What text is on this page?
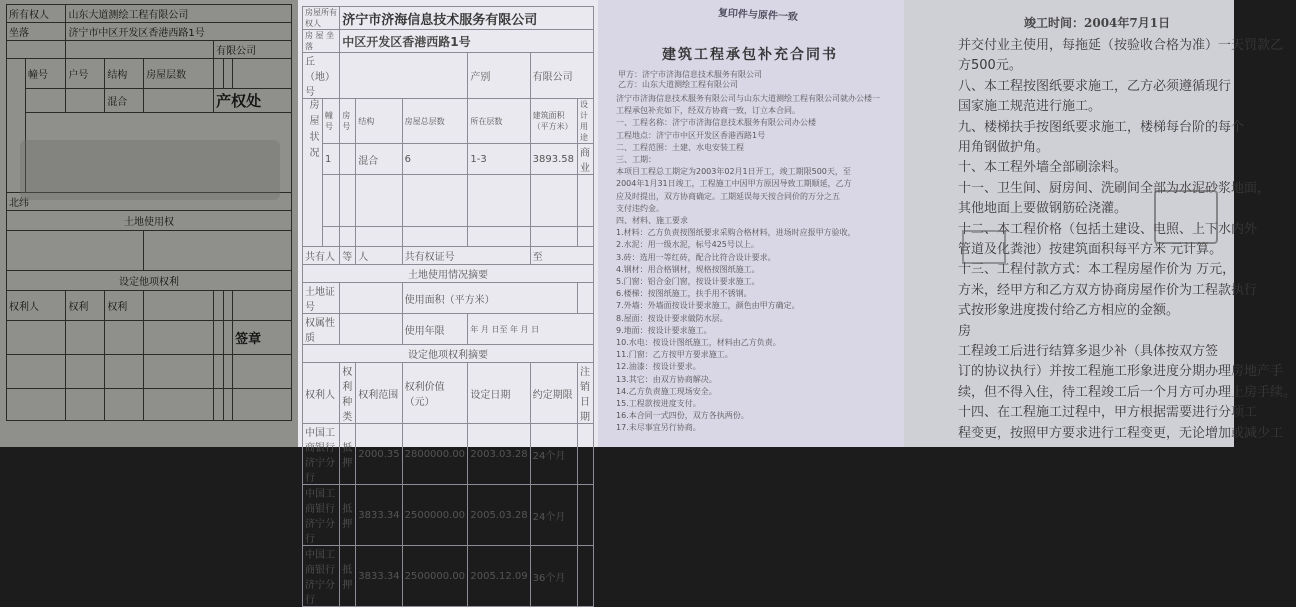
所有权人		山东大道测绘工程有限公司					
坐落		济宁市中区开发区香港西路1号					
					有限公司		
	幢号	户号	结构	房屋层数			
			混合		产权处		

北纬							
土地使用权							

设定他项权利							
权利人		权利	权利				
							签章

房屋所有权人		济宁市济海信息技术服务有限公司					
房 屋 坐 落		中区开发区香港西路1号					
丘（地）号					产别	有限公司	
房屋状况	幢号	房号	结构	房屋总层数	所在层数	建筑面积（平方米）	设计用途
	1		混合	6	1-3	3893.58	商业

共有人		等	人	共有权证号		至	
土地使用情况摘要							
土地证号				使用面积（平方米）			
权属性质				使用年限	年 月 日至 年 月 日		
设定他项权利摘要							
权利人		权利种类	权利范围	权利价值（元）	设定日期	约定期限	注销日期
中国工商银行济宁分行		抵押	2000.35	2800000.00	2003.03.28	24个月	
中国工商银行济宁分行		抵押	3833.34	2500000.00	2005.03.28	24个月	
中国工商银行济宁分行		抵押	3833.34	2500000.00	2005.12.09	36个月	
复印件与原件一致
建筑工程承包补充合同书
甲方：济宁市济海信息技术服务有限公司
乙方：山东大道测绘工程有限公司
济宁市济海信息技术服务有限公司与山东大道测绘工程有限公司就办公楼一
工程承包补充如下，经双方协商一致，订立本合同。
一、工程名称：济宁市济海信息技术服务有限公司办公楼
工程地点：济宁市中区开发区香港西路1号
二、工程范围：土建、水电安装工程
三、工期：
本项目工程总工期定为2003年02月1日开工，竣工期限500天，至
2004年1月31日竣工，工程施工中因甲方原因导致工期顺延，乙方
应及时提出，双方协商确定。工期延误每天按合同价的万分之五
支付违约金。
四、材料、施工要求
1.材料：乙方负责按图纸要求采购合格材料，进场时应报甲方验收，
2.水泥：用一级水泥，标号425号以上。
3.砖：选用一等红砖，配合比符合设计要求。
4.钢材：用合格钢材，规格按图纸施工。
5.门窗：铝合金门窗，按设计要求施工。
6.楼梯：按图纸施工，扶手用不锈钢。
7.外墙：外墙面按设计要求施工，颜色由甲方确定。
8.屋面：按设计要求做防水层。
9.地面：按设计要求施工。
10.水电：按设计图纸施工，材料由乙方负责。
11.门窗：乙方按甲方要求施工。
12.油漆：按设计要求。
13.其它：由双方协商解决。
14.乙方负责施工现场安全。
15.工程款按进度支付。
16.本合同一式四份，双方各执两份。
17.未尽事宜另行协商。
竣工时间：2004年7月1日
并交付业主使用，每拖延（按验收合格为准）一天罚款乙
方500元。
八、本工程按图纸要求施工，乙方必须遵循现行
国家施工规范进行施工。
九、楼梯扶手按图纸要求施工，楼梯每台阶的每个
用角钢做护角。
十、本工程外墙全部刷涂料。
十一、卫生间、厨房间、洗刷间全部为水泥砂浆地面，
其他地面上要做钢筋砼浇灌。
十二、本工程价格（包括土建设、电照、上下水内外
管道及化粪池）按建筑面积每平方米 元计算。
十三、工程付款方式：本工程房屋作价为 万元，
方米，经甲方和乙方双方协商房屋作价为工程款执行
式按形象进度拨付给乙方相应的金额。
房
工程竣工后进行结算多退少补（具体按双方签
订的协议执行）并按工程施工形象进度分期办理房地产手
续，但不得入住，待工程竣工后一个月方可办理上房手续。
十四、在工程施工过程中，甲方根据需要进行分项工
程变更，按照甲方要求进行工程变更，无论增加或减少工
